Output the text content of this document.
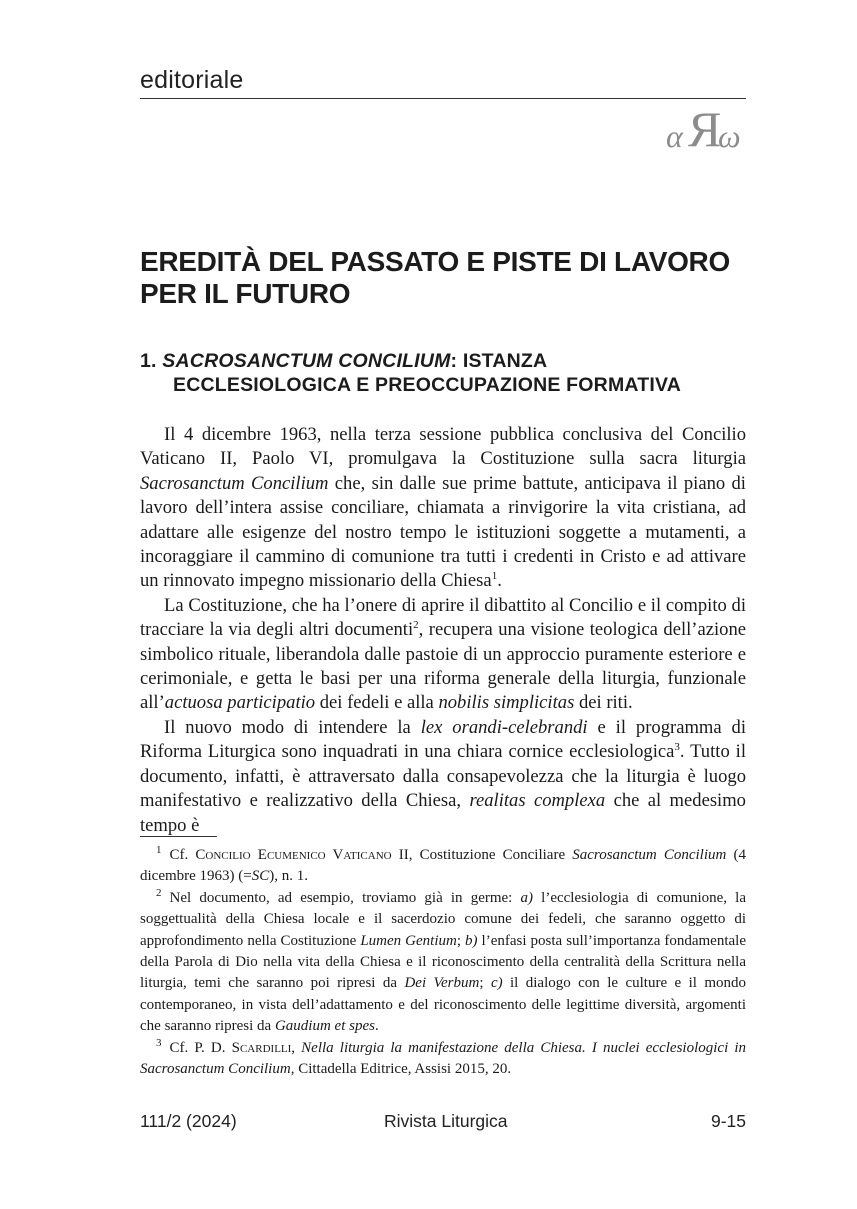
editoriale
α Я
ω
EREDITÀ DEL PASSATO E PISTE DI LAVORO
PER IL FUTURO
1. SACROSANCTUM CONCILIUM: ISTANZA
ECCLESIOLOGICA E PREOCCUPAZIONE FORMATIVA

Il 4 dicembre 1963, nella terza sessione pubblica conclusiva del Concilio Vaticano II, Paolo VI, promulgava la Costituzione sulla sacra liturgia Sacrosanctum Concilium che, sin dalle sue prime battute, anticipava il piano di lavoro dell’intera assise conciliare, chiamata a rinvigorire la vita cristiana, ad adattare alle esigenze del nostro tempo le istituzioni soggette a mutamenti, a incoraggiare il cammino di comunione tra tutti i credenti in Cristo e ad attivare un rinnovato impegno missionario della Chiesa$^1$.

La Costituzione, che ha l’onere di aprire il dibattito al Concilio e il compito di tracciare la via degli altri documenti$^2$, recupera una visione teologica dell’azione simbolico rituale, liberandola dalle pastoie di un approccio puramente esteriore e cerimoniale, e getta le basi per una riforma generale della liturgia, funzionale all’actuosa participatio dei fedeli e alla nobilis simplicitas dei riti.

Il nuovo modo di intendere la lex orandi-celebrandi e il programma di Riforma Liturgica sono inquadrati in una chiara cornice ecclesiologica$^3$. Tutto il documento, infatti, è attraversato dalla consapevolezza che la liturgia è luogo manifestativo e realizzativo della Chiesa, realitas complexa che al medesimo tempo è

$^1$ Cf. Concilio Ecumenico Vaticano II, Costituzione Conciliare Sacrosanctum Concilium (4 dicembre 1963) (=SC), n. 1.

$^2$ Nel documento, ad esempio, troviamo già in germe: a) l’ecclesiologia di comunione, la soggettualità della Chiesa locale e il sacerdozio comune dei fedeli, che saranno oggetto di approfondimento nella Costituzione Lumen Gentium; b) l’enfasi posta sull’importanza fondamentale della Parola di Dio nella vita della Chiesa e il riconoscimento della centralità della Scrittura nella liturgia, temi che saranno poi ripresi da Dei Verbum; c) il dialogo con le culture e il mondo contemporaneo, in vista dell’adattamento e del riconoscimento delle legittime diversità, argomenti che saranno ripresi da Gaudium et spes.

$^3$ Cf. P. D. Scardilli, Nella liturgia la manifestazione della Chiesa. I nuclei ecclesiologici in Sacrosanctum Concilium, Cittadella Editrice, Assisi 2015, 20.

111/2 (2024)	Rivista Liturgica	9-15
